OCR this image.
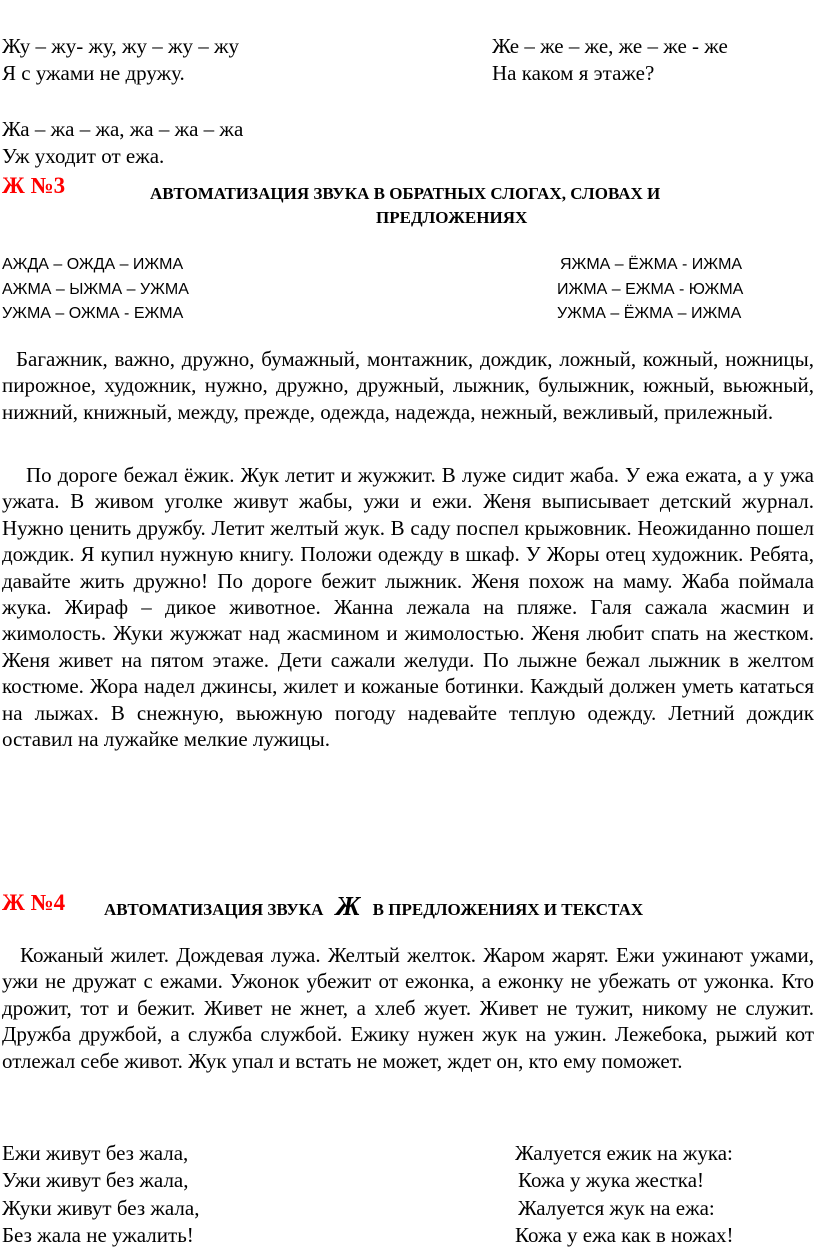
Жу – жу- жу, жу – жу – жу
Я с ужами не дружу.
Же – же – же, же – же - же
На каком я этаже?
Жа – жа – жа, жа – жа – жа
Уж уходит от ежа.
Ж №3	АВТОМАТИЗАЦИЯ ЗВУКА В ОБРАТНЫХ СЛОГАХ, СЛОВАХ И
ПРЕДЛОЖЕНИЯХ
АЖДА – ОЖДА – ИЖМА
АЖМА – ЫЖМА – УЖМА
УЖМА – ОЖМА - ЕЖМА
ЯЖМА – ЁЖМА - ИЖМА
ИЖМА – ЕЖМА - ЮЖМА
УЖМА – ЁЖМА – ИЖМА
Багажник, важно, дружно, бумажный, монтажник, дождик, ложный, кожный, ножницы, пирожное, художник, нужно, дружно, дружный, лыжник, булыжник, южный, вьюжный, нижний, книжный, между, прежде, одежда, надежда, нежный, вежливый, прилежный.
По дороге бежал ёжик. Жук летит и жужжит. В луже сидит жаба. У ежа ежата, а у ужа ужата. В живом уголке живут жабы, ужи и ежи. Женя выписывает детский журнал. Нужно ценить дружбу. Летит желтый жук. В саду поспел крыжовник. Неожиданно пошел дождик. Я купил нужную книгу. Положи одежду в шкаф. У Жоры отец художник. Ребята, давайте жить дружно! По дороге бежит лыжник. Женя похож на маму. Жаба поймала жука. Жираф – дикое животное. Жанна лежала на пляже. Галя сажала жасмин и жимолость. Жуки жужжат над жасмином и жимолостью. Женя любит спать на жестком. Женя живет на пятом этаже. Дети сажали желуди. По лыжне бежал лыжник в желтом костюме. Жора надел джинсы, жилет и кожаные ботинки. Каждый должен уметь кататься на лыжах. В снежную, вьюжную погоду надевайте теплую одежду. Летний дождик оставил на лужайке мелкие лужицы.
Ж №4 АВТОМАТИЗАЦИЯ ЗВУКА Ж В ПРЕДЛОЖЕНИЯХ И ТЕКСТАХ
Кожаный жилет. Дождевая лужа. Желтый желток. Жаром жарят. Ежи ужинают ужами, ужи не дружат с ежами. Ужонок убежит от ежонка, а ежонку не убежать от ужонка. Кто дрожит, тот и бежит. Живет не жнет, а хлеб жует. Живет не тужит, никому не служит. Дружба дружбой, а служба службой. Ежику нужен жук на ужин. Лежебока, рыжий кот отлежал себе живот. Жук упал и встать не может, ждет он, кто ему поможет.
Ежи живут без жала,
Ужи живут без жала,
Жуки живут без жала,
Без жала не ужалить!
Жалуется ежик на жука:
Кожа у жука жестка!
Жалуется жук на ежа:
Кожа у ежа как в ножах!
